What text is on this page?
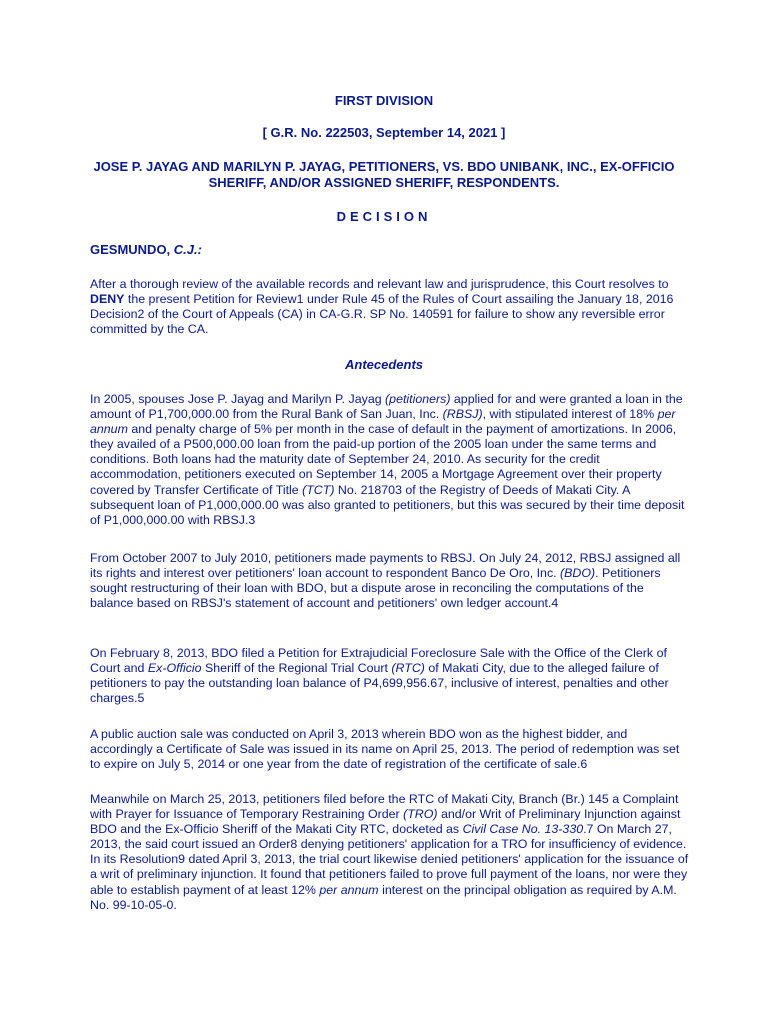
FIRST DIVISION

[ G.R. No. 222503, September 14, 2021 ]

JOSE P. JAYAG AND MARILYN P. JAYAG, PETITIONERS, VS. BDO UNIBANK, INC., EX-OFFICIO SHERIFF, AND/OR ASSIGNED SHERIFF, RESPONDENTS.

DECISION

GESMUNDO, C.J.:

After a thorough review of the available records and relevant law and jurisprudence, this Court resolves to DENY the present Petition for Review1 under Rule 45 of the Rules of Court assailing the January 18, 2016 Decision2 of the Court of Appeals (CA) in CA-G.R. SP No. 140591 for failure to show any reversible error committed by the CA.

Antecedents

In 2005, spouses Jose P. Jayag and Marilyn P. Jayag (petitioners) applied for and were granted a loan in the amount of P1,700,000.00 from the Rural Bank of San Juan, Inc. (RBSJ), with stipulated interest of 18% per annum and penalty charge of 5% per month in the case of default in the payment of amortizations. In 2006, they availed of a P500,000.00 loan from the paid-up portion of the 2005 loan under the same terms and conditions. Both loans had the maturity date of September 24, 2010. As security for the credit accommodation, petitioners executed on September 14, 2005 a Mortgage Agreement over their property covered by Transfer Certificate of Title (TCT) No. 218703 of the Registry of Deeds of Makati City. A subsequent loan of P1,000,000.00 was also granted to petitioners, but this was secured by their time deposit of P1,000,000.00 with RBSJ.3

From October 2007 to July 2010, petitioners made payments to RBSJ. On July 24, 2012, RBSJ assigned all its rights and interest over petitioners' loan account to respondent Banco De Oro, Inc. (BDO). Petitioners sought restructuring of their loan with BDO, but a dispute arose in reconciling the computations of the balance based on RBSJ's statement of account and petitioners' own ledger account.4

On February 8, 2013, BDO filed a Petition for Extrajudicial Foreclosure Sale with the Office of the Clerk of Court and Ex-Officio Sheriff of the Regional Trial Court (RTC) of Makati City, due to the alleged failure of petitioners to pay the outstanding loan balance of P4,699,956.67, inclusive of interest, penalties and other charges.5

A public auction sale was conducted on April 3, 2013 wherein BDO won as the highest bidder, and accordingly a Certificate of Sale was issued in its name on April 25, 2013. The period of redemption was set to expire on July 5, 2014 or one year from the date of registration of the certificate of sale.6

Meanwhile on March 25, 2013, petitioners filed before the RTC of Makati City, Branch (Br.) 145 a Complaint with Prayer for Issuance of Temporary Restraining Order (TRO) and/or Writ of Preliminary Injunction against BDO and the Ex-Officio Sheriff of the Makati City RTC, docketed as Civil Case No. 13-330.7 On March 27, 2013, the said court issued an Order8 denying petitioners' application for a TRO for insufficiency of evidence. In its Resolution9 dated April 3, 2013, the trial court likewise denied petitioners' application for the issuance of a writ of preliminary injunction. It found that petitioners failed to prove full payment of the loans, nor were they able to establish payment of at least 12% per annum interest on the principal obligation as required by A.M. No. 99-10-05-0.
